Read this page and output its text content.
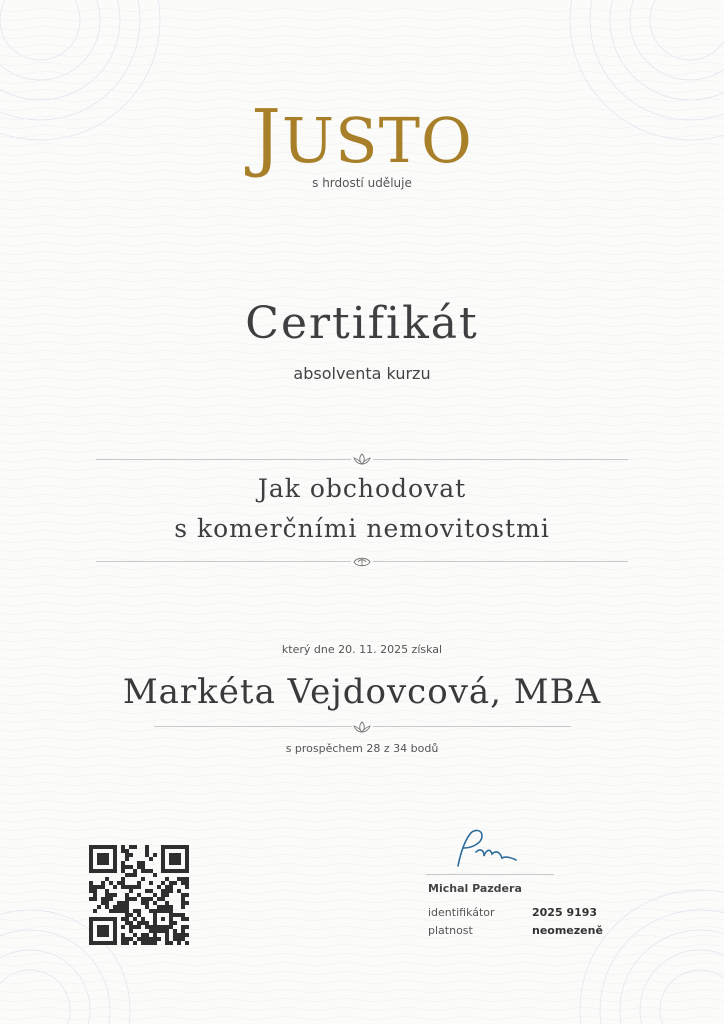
JUSTO
s hrdostí uděluje
Certifikát
absolventa kurzu
Jak obchodovat
s komerčními nemovitostmi
který dne 20. 11. 2025 získal
Markéta Vejdovcová, MBA
s prospěchem 28 z 34 bodů
Michal Pazdera
identifikátor	2025 9193
platnost	neomezeně
